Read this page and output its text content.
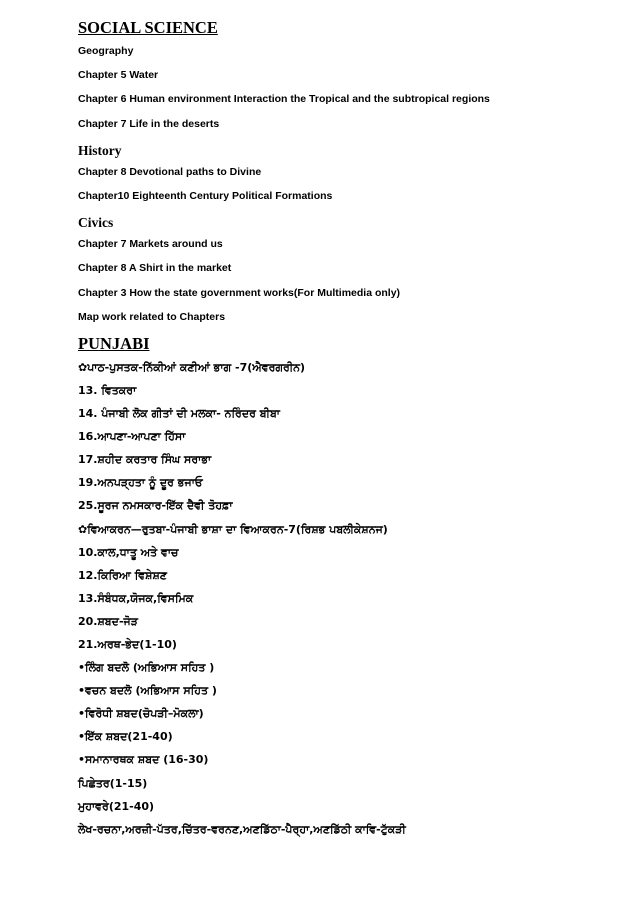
SOCIAL SCIENCE
Geography
Chapter 5 Water
Chapter 6 Human environment Interaction the Tropical and the subtropical regions
Chapter 7 Life in the deserts
History
Chapter 8 Devotional paths to Divine
Chapter10 Eighteenth Century Political Formations
Civics
Chapter 7 Markets around us
Chapter 8 A Shirt in the market
Chapter 3 How the state government works(For Multimedia only)
Map work related to Chapters
PUNJABI
✿ਪਾਠ-ਪੁਸਤਕ-ਨਿੱਕੀਆਂ ਕਣੀਆਂ ਭਾਗ -7(ਐਵਰਗਰੀਨ)
13. ਵਿਤਕਰਾ
14. ਪੰਜਾਬੀ ਲੋਕ ਗੀਤਾਂ ਦੀ ਮਲਕਾ- ਨਰਿੰਦਰ ਬੀਬਾ
16.ਆਪਣਾ-ਆਪਣਾ ਹਿੱਸਾ
17.ਸ਼ਹੀਦ ਕਰਤਾਰ ਸਿੰਘ ਸਰਾਭਾ
19.ਅਨਪੜ੍ਹਤਾ ਨੂੰ ਦੂਰ ਭਜਾਓ
25.ਸੂਰਜ ਨਮਸਕਾਰ-ਇੱਕ ਦੈਵੀ ਤੋਹਫ਼ਾ
✿ਵਿਆਕਰਨ—ਰੁਤਬਾ-ਪੰਜਾਬੀ ਭਾਸ਼ਾ ਦਾ ਵਿਆਕਰਨ-7(ਰਿਸ਼ਭ ਪਬਲੀਕੇਸ਼ਨਜ)
10.ਕਾਲ,ਧਾਤੂ ਅਤੇ ਵਾਚ
12.ਕਿਰਿਆ ਵਿਸ਼ੇਸ਼ਣ
13.ਸੰਬੰਧਕ,ਯੋਜਕ,ਵਿਸਮਿਕ
20.ਸ਼ਬਦ-ਜੋੜ
21.ਅਰਥ-ਭੇਦ(1-10)
•ਲਿੰਗ ਬਦਲੋ (ਅਭਿਆਸ ਸਹਿਤ )
•ਵਚਨ ਬਦਲੋ (ਅਭਿਆਸ ਸਹਿਤ )
•ਵਿਰੋਧੀ ਸ਼ਬਦ(ਚੋਪੜੀ–ਮੋਕਲਾ)
•ਇੱਕ ਸ਼ਬਦ(21-40)
•ਸਮਾਨਾਰਥਕ ਸ਼ਬਦ (16-30)
ਪਿਛੇਤਰ(1-15)
ਮੁਹਾਵਰੇ(21-40)
ਲੇਖ-ਰਚਨਾ,ਅਰਜ਼ੀ-ਪੱਤਰ,ਚਿੱਤਰ-ਵਰਨਣ,ਅਣਡਿੱਠਾ-ਪੈਰ੍ਹਾ,ਅਣਡਿੱਠੀ ਕਾਵਿ-ਟੁੱਕੜੀ
